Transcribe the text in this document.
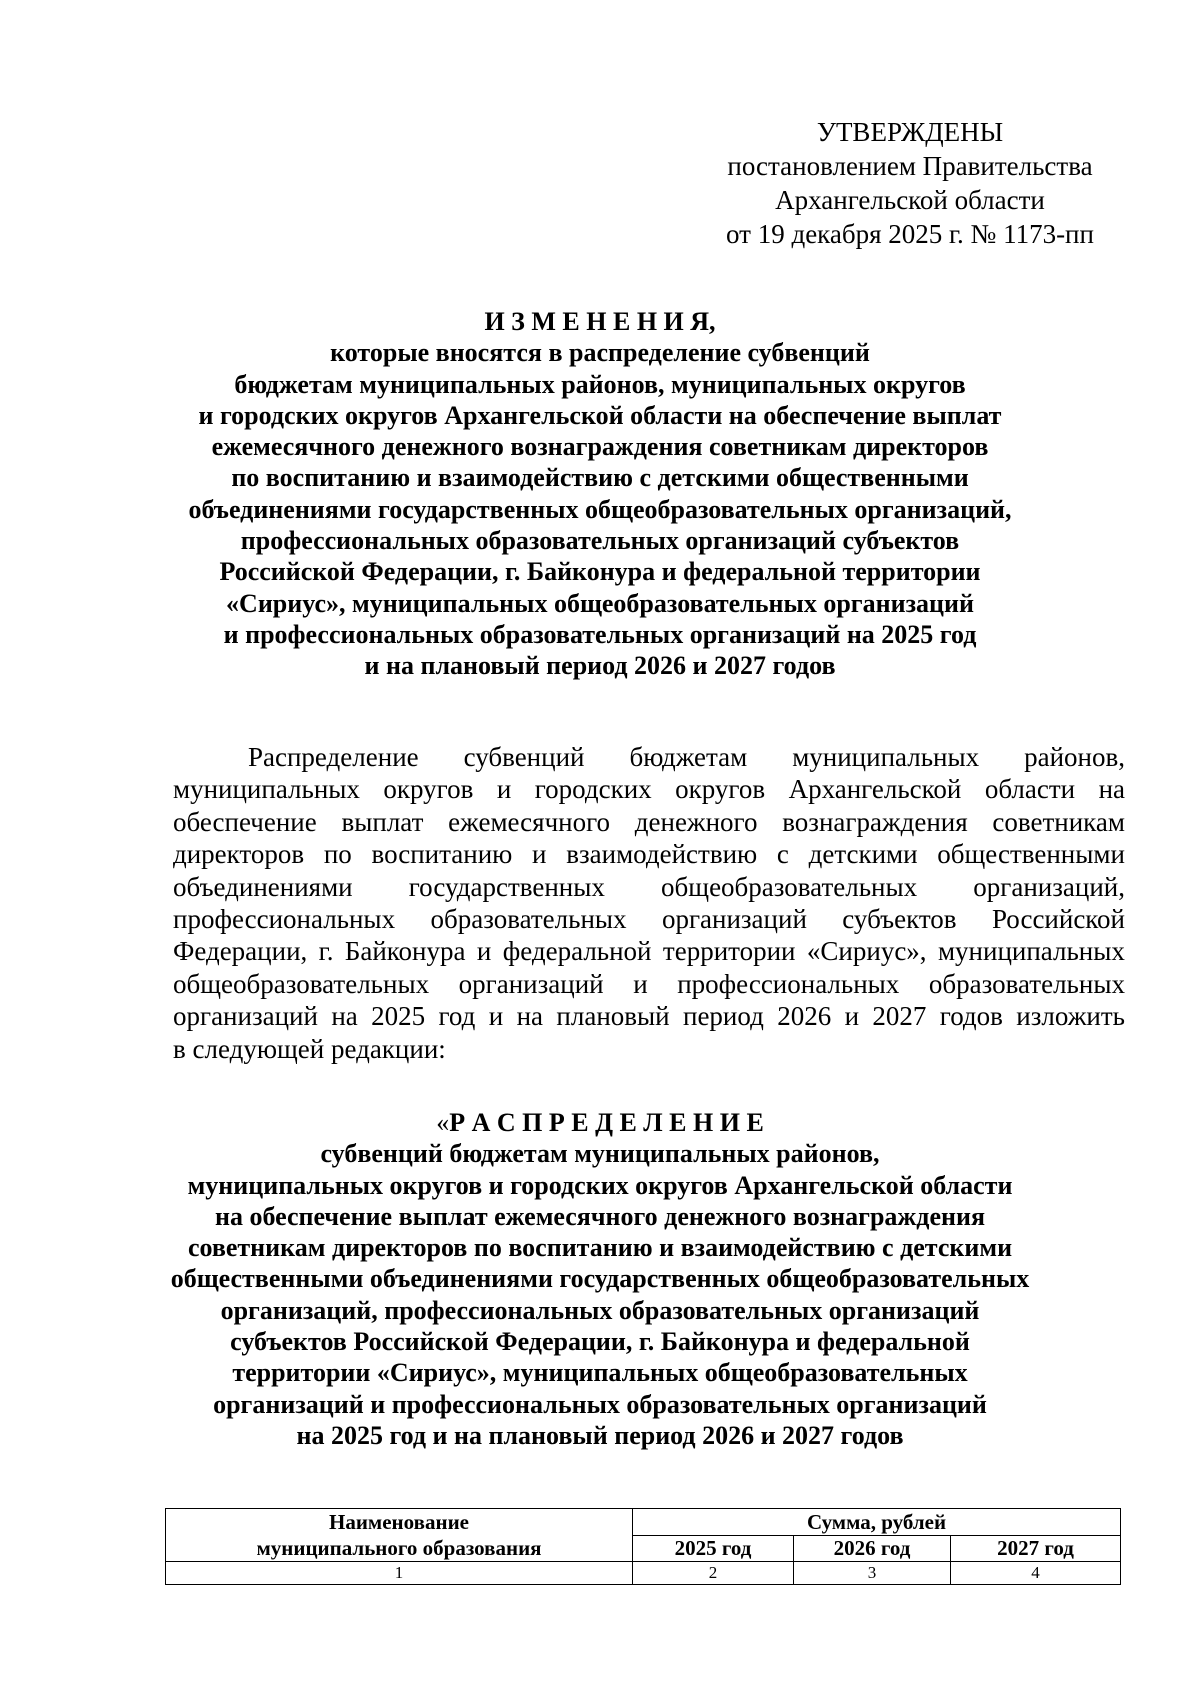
УТВЕРЖДЕНЫ
постановлением Правительства
Архангельской области
от 19 декабря 2025 г. № 1173-пп
И З М Е Н Е Н И Я,
которые вносятся в распределение субвенций
бюджетам муниципальных районов, муниципальных округов
и городских округов Архангельской области на обеспечение выплат
ежемесячного денежного вознаграждения советникам директоров
по воспитанию и взаимодействию с детскими общественными
объединениями государственных общеобразовательных организаций,
профессиональных образовательных организаций субъектов
Российской Федерации, г. Байконура и федеральной территории
«Сириус», муниципальных общеобразовательных организаций
и профессиональных образовательных организаций на 2025 год
и на плановый период 2026 и 2027 годов
Распределение субвенций бюджетам муниципальных районов,
муниципальных округов и городских округов Архангельской области на
обеспечение выплат ежемесячного денежного вознаграждения советникам
директоров по воспитанию и взаимодействию с детскими общественными
объединениями государственных общеобразовательных организаций,
профессиональных образовательных организаций субъектов Российской
Федерации, г. Байконура и федеральной территории «Сириус», муниципальных
общеобразовательных организаций и профессиональных образовательных
организаций на 2025 год и на плановый период 2026 и 2027 годов изложить
в следующей редакции:
«Р А С П Р Е Д Е Л Е Н И Е
субвенций бюджетам муниципальных районов,
муниципальных округов и городских округов Архангельской области
на обеспечение выплат ежемесячного денежного вознаграждения
советникам директоров по воспитанию и взаимодействию с детскими
общественными объединениями государственных общеобразовательных
организаций, профессиональных образовательных организаций
субъектов Российской Федерации, г. Байконура и федеральной
территории «Сириус», муниципальных общеобразовательных
организаций и профессиональных образовательных организаций
на 2025 год и на плановый период 2026 и 2027 годов
Наименование
муниципального образования	Сумма, рублей		
	2025 год	2026 год	2027 год
1	2	3	4
